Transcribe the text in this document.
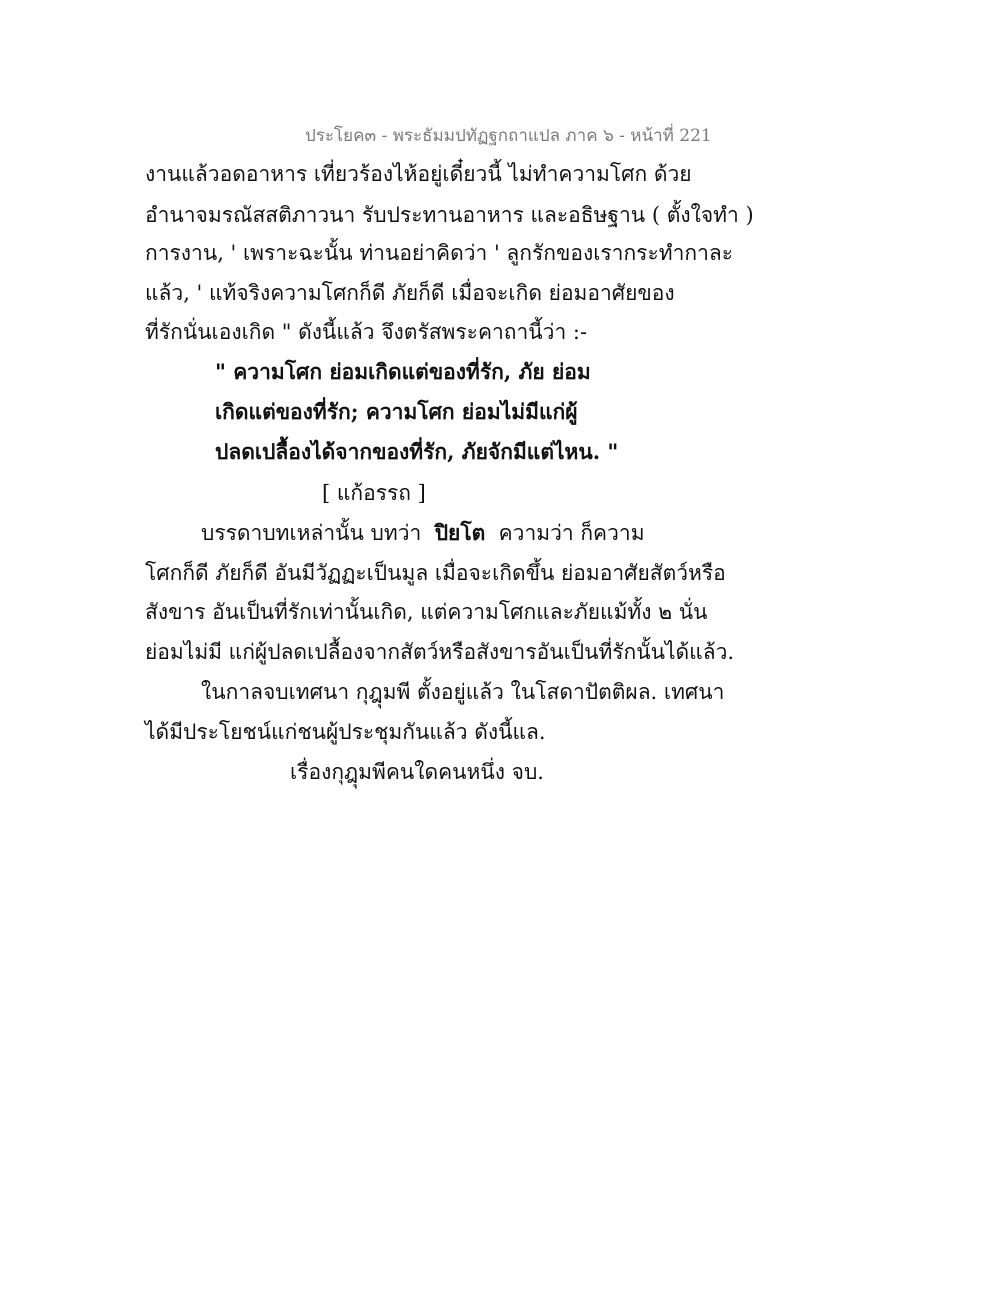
ประโยค๓ - พระธัมมปทัฏฐกถาแปล ภาค ๖ - หน้าที่ 221
งานแล้วอดอาหาร เที่ยวร้องไห้อยู่เดี๋ยวนี้ ไม่ทำความโศก ด้วย
อำนาจมรณัสสติภาวนา รับประทานอาหาร และอธิษฐาน ( ตั้งใจทำ )
การงาน, ' เพราะฉะนั้น ท่านอย่าคิดว่า ' ลูกรักของเรากระทำกาละ
แล้ว, ' แท้จริงความโศกก็ดี ภัยก็ดี เมื่อจะเกิด ย่อมอาศัยของ
ที่รักนั่นเองเกิด " ดังนี้แล้ว จึงตรัสพระคาถานี้ว่า :-
" ความโศก ย่อมเกิดแต่ของที่รัก, ภัย ย่อม
เกิดแต่ของที่รัก; ความโศก ย่อมไม่มีแก่ผู้
ปลดเปลื้องได้จากของที่รัก, ภัยจักมีแต่ไหน. "
[ แก้อรรถ ]
บรรดาบทเหล่านั้น บทว่า ปิยโต ความว่า ก็ความ
โศกก็ดี ภัยก็ดี อันมีวัฏฏะเป็นมูล เมื่อจะเกิดขึ้น ย่อมอาศัยสัตว์หรือ
สังขาร อันเป็นที่รักเท่านั้นเกิด, แต่ความโศกและภัยแม้ทั้ง ๒ นั่น
ย่อมไม่มี แก่ผู้ปลดเปลื้องจากสัตว์หรือสังขารอันเป็นที่รักนั้นได้แล้ว.
ในกาลจบเทศนา กุฎุมพี ตั้งอยู่แล้ว ในโสดาปัตติผล. เทศนา
ได้มีประโยชน์แก่ชนผู้ประชุมกันแล้ว ดังนี้แล.
เรื่องกุฎุมพีคนใดคนหนึ่ง จบ.
